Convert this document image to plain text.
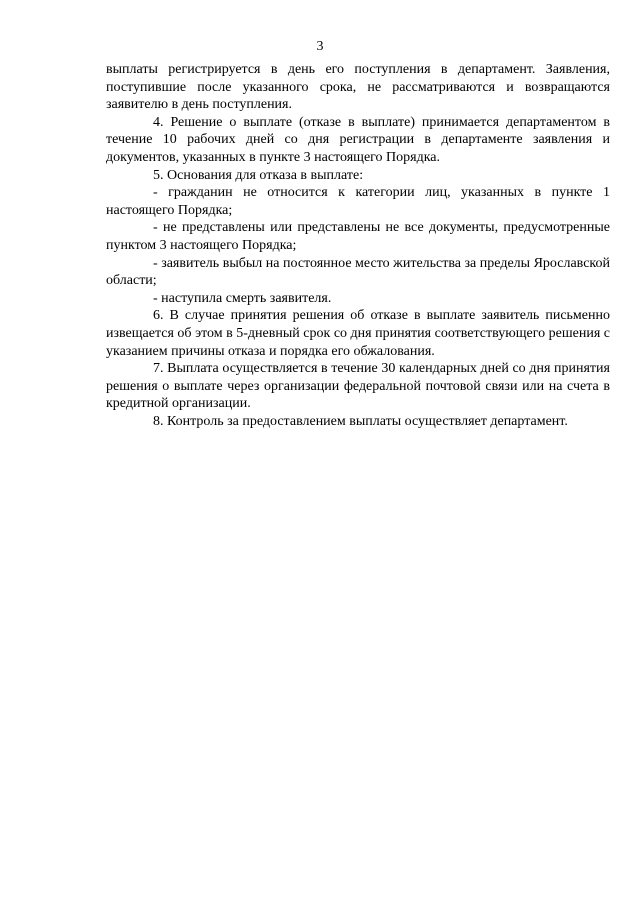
3

выплаты регистрируется в день его поступления в департамент. Заявления, поступившие после указанного срока, не рассматриваются и возвращаются заявителю в день поступления.

4. Решение о выплате (отказе в выплате) принимается департаментом в течение 10 рабочих дней со дня регистрации в департаменте заявления и документов, указанных в пункте 3 настоящего Порядка.

5. Основания для отказа в выплате:

- гражданин не относится к категории лиц, указанных в пункте 1 настоящего Порядка;

- не представлены или представлены не все документы, предусмотренные пунктом 3 настоящего Порядка;

- заявитель выбыл на постоянное место жительства за пределы Ярославской области;

- наступила смерть заявителя.

6. В случае принятия решения об отказе в выплате заявитель письменно извещается об этом в 5-дневный срок со дня принятия соответствующего решения с указанием причины отказа и порядка его обжалования.

7. Выплата осуществляется в течение 30 календарных дней со дня принятия решения о выплате через организации федеральной почтовой связи или на счета в кредитной организации.

8. Контроль за предоставлением выплаты осуществляет департамент.
